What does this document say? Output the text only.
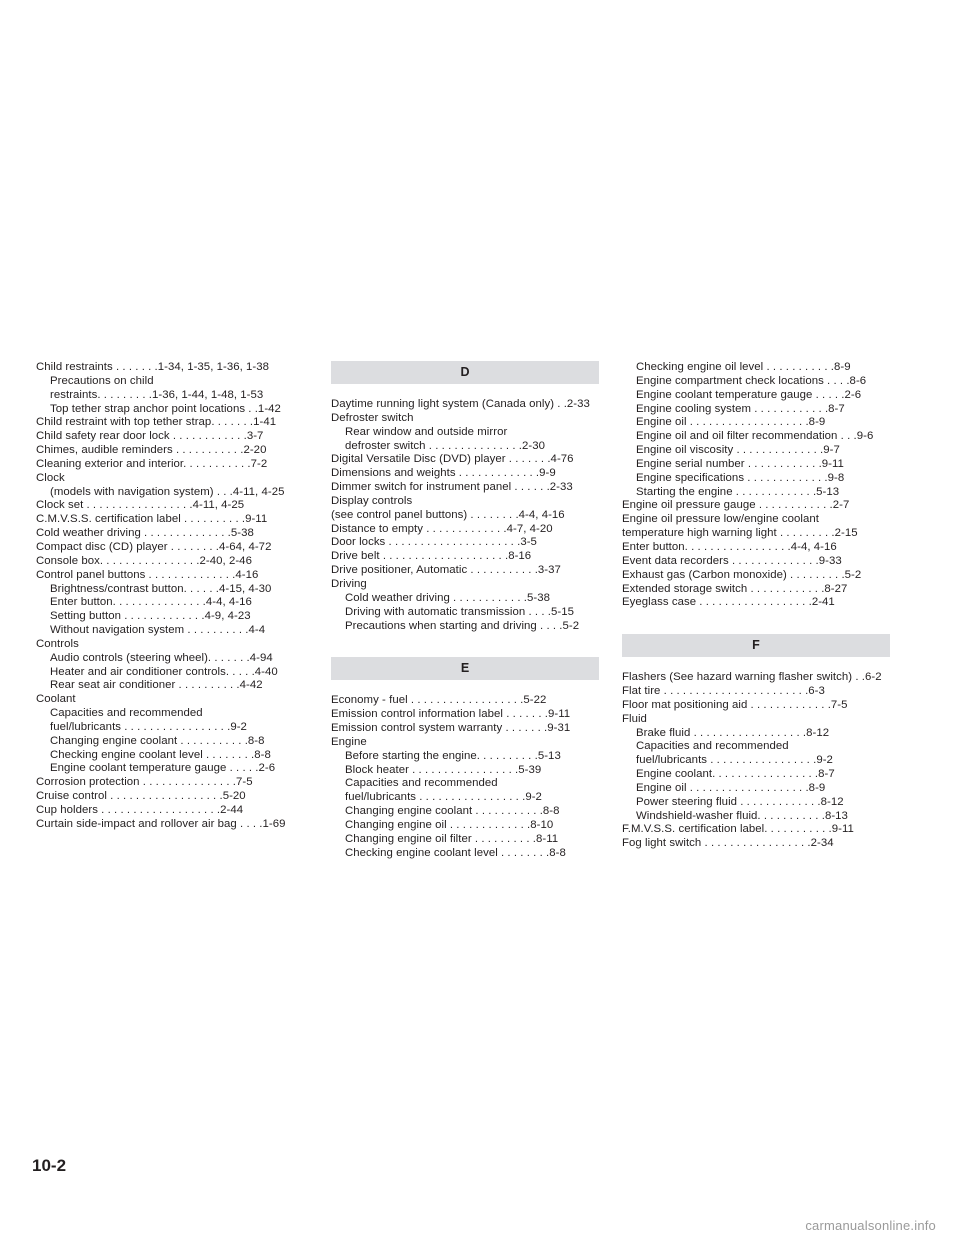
Child restraints . . . . . . .1-34, 1-35, 1-36, 1-38
Precautions on child
restraints. . . . . . . . .1-36, 1-44, 1-48, 1-53
Top tether strap anchor point locations . .1-42
Child restraint with top tether strap. . . . . . .1-41
Child safety rear door lock . . . . . . . . . . . .3-7
Chimes, audible reminders . . . . . . . . . . .2-20
Cleaning exterior and interior. . . . . . . . . . .7-2
Clock
(models with navigation system) . . .4-11, 4-25
Clock set . . . . . . . . . . . . . . . . .4-11, 4-25
C.M.V.S.S. certification label . . . . . . . . . .9-11
Cold weather driving . . . . . . . . . . . . . .5-38
Compact disc (CD) player . . . . . . . .4-64, 4-72
Console box. . . . . . . . . . . . . . . .2-40, 2-46
Control panel buttons . . . . . . . . . . . . . .4-16
Brightness/contrast button. . . . . .4-15, 4-30
Enter button. . . . . . . . . . . . . . .4-4, 4-16
Setting button . . . . . . . . . . . . .4-9, 4-23
Without navigation system . . . . . . . . . .4-4
Controls
Audio controls (steering wheel). . . . . . .4-94
Heater and air conditioner controls. . . . .4-40
Rear seat air conditioner . . . . . . . . . .4-42
Coolant
Capacities and recommended
fuel/lubricants . . . . . . . . . . . . . . . . .9-2
Changing engine coolant . . . . . . . . . . .8-8
Checking engine coolant level . . . . . . . .8-8
Engine coolant temperature gauge . . . . .2-6
Corrosion protection . . . . . . . . . . . . . . .7-5
Cruise control . . . . . . . . . . . . . . . . . .5-20
Cup holders . . . . . . . . . . . . . . . . . . .2-44
Curtain side-impact and rollover air bag . . . .1-69
D
Daytime running light system (Canada only) . .2-33
Defroster switch
Rear window and outside mirror
defroster switch . . . . . . . . . . . . . . .2-30
Digital Versatile Disc (DVD) player . . . . . . .4-76
Dimensions and weights . . . . . . . . . . . . .9-9
Dimmer switch for instrument panel . . . . . .2-33
Display controls
(see control panel buttons) . . . . . . . .4-4, 4-16
Distance to empty . . . . . . . . . . . . .4-7, 4-20
Door locks . . . . . . . . . . . . . . . . . . . . .3-5
Drive belt . . . . . . . . . . . . . . . . . . . .8-16
Drive positioner, Automatic . . . . . . . . . . .3-37
Driving
Cold weather driving . . . . . . . . . . . .5-38
Driving with automatic transmission . . . .5-15
Precautions when starting and driving . . . .5-2
E
Economy - fuel . . . . . . . . . . . . . . . . . .5-22
Emission control information label . . . . . . .9-11
Emission control system warranty . . . . . . .9-31
Engine
Before starting the engine. . . . . . . . . .5-13
Block heater . . . . . . . . . . . . . . . . .5-39
Capacities and recommended
fuel/lubricants . . . . . . . . . . . . . . . . .9-2
Changing engine coolant . . . . . . . . . . .8-8
Changing engine oil . . . . . . . . . . . . .8-10
Changing engine oil filter . . . . . . . . . .8-11
Checking engine coolant level . . . . . . . .8-8
Checking engine oil level . . . . . . . . . . .8-9
Engine compartment check locations . . . .8-6
Engine coolant temperature gauge . . . . .2-6
Engine cooling system . . . . . . . . . . . .8-7
Engine oil . . . . . . . . . . . . . . . . . . .8-9
Engine oil and oil filter recommendation . . .9-6
Engine oil viscosity . . . . . . . . . . . . . .9-7
Engine serial number . . . . . . . . . . . .9-11
Engine specifications . . . . . . . . . . . . .9-8
Starting the engine . . . . . . . . . . . . .5-13
Engine oil pressure gauge . . . . . . . . . . . .2-7
Engine oil pressure low/engine coolant
temperature high warning light . . . . . . . . .2-15
Enter button. . . . . . . . . . . . . . . . .4-4, 4-16
Event data recorders . . . . . . . . . . . . . .9-33
Exhaust gas (Carbon monoxide) . . . . . . . . .5-2
Extended storage switch . . . . . . . . . . . .8-27
Eyeglass case . . . . . . . . . . . . . . . . . .2-41
F
Flashers (See hazard warning flasher switch) . .6-2
Flat tire . . . . . . . . . . . . . . . . . . . . . . .6-3
Floor mat positioning aid . . . . . . . . . . . . .7-5
Fluid
Brake fluid . . . . . . . . . . . . . . . . . .8-12
Capacities and recommended
fuel/lubricants . . . . . . . . . . . . . . . . .9-2
Engine coolant. . . . . . . . . . . . . . . . .8-7
Engine oil . . . . . . . . . . . . . . . . . . .8-9
Power steering fluid . . . . . . . . . . . . .8-12
Windshield-washer fluid. . . . . . . . . . .8-13
F.M.V.S.S. certification label. . . . . . . . . . .9-11
Fog light switch . . . . . . . . . . . . . . . . .2-34
10-2
carmanualsonline.info
